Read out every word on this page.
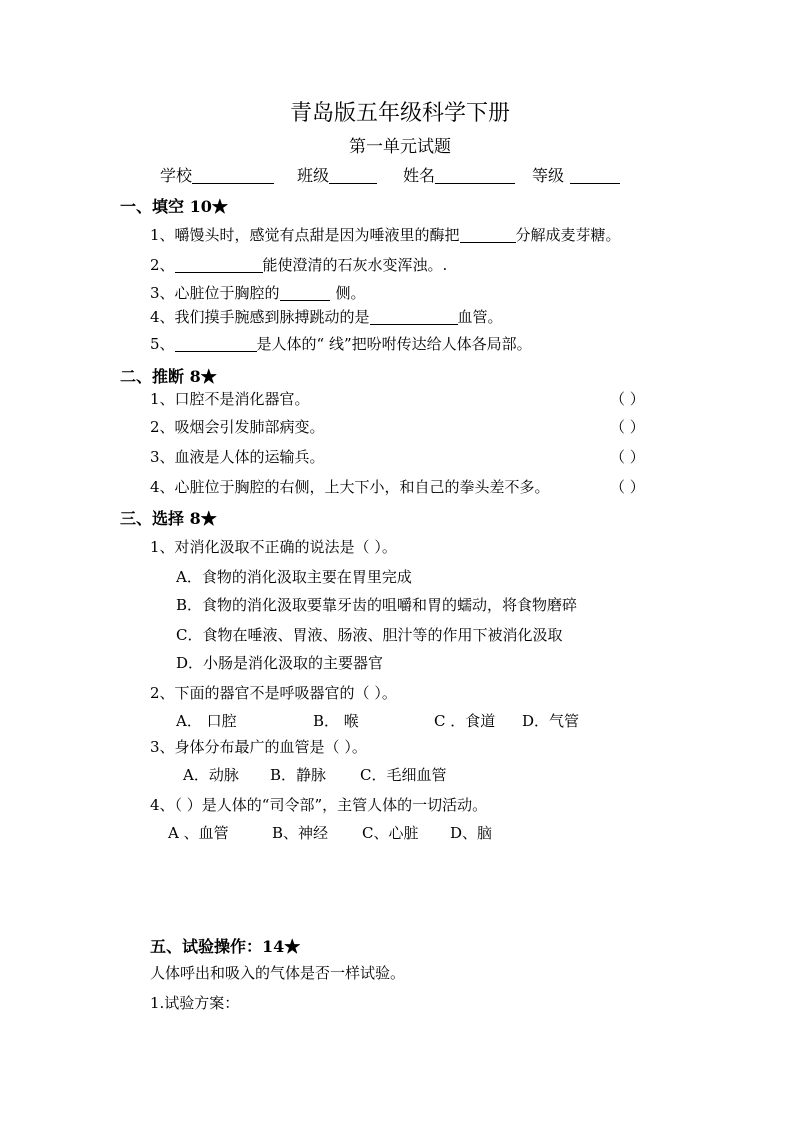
青岛版五年级科学下册
第一单元试题
学校	班级	姓名	等级
一、填空 10★
1、嚼馒头时，感觉有点甜是因为唾液里的酶把	分解成麦芽糖。
2、	能使澄清的石灰水变浑浊。.
3、心脏位于胸腔的	侧。
4、我们摸手腕感到脉搏跳动的是	血管。
5、	是人体的“ 线”把吩咐传达给人体各局部。
二、推断 8★
1、口腔不是消化器官。	（ ）
2、吸烟会引发肺部病变。	（ ）
3、血液是人体的运输兵。	（ ）
4、心脏位于胸腔的右侧，上大下小，和自己的拳头差不多。	（ ）
三、选择 8★
1、对消化汲取不正确的说法是（ ）。
A．食物的消化汲取主要在胃里完成
B．食物的消化汲取要靠牙齿的咀嚼和胃的蠕动，将食物磨碎
C．食物在唾液、胃液、肠液、胆汁等的作用下被消化汲取
D．小肠是消化汲取的主要器官
2、下面的器官不是呼吸器官的（ ）。
A． 口腔	B． 喉	C ．食道 D．气管
3、身体分布最广的血管是（ ）。
A．动脉 B．静脉 C．毛细血管
4、（ ）是人体的“司令部”，主管人体的一切活动。
A 、血管	B、神经 C、心脏 D、脑
五、试验操作：14★
人体呼出和吸入的气体是否一样试验。
1.试验方案：
